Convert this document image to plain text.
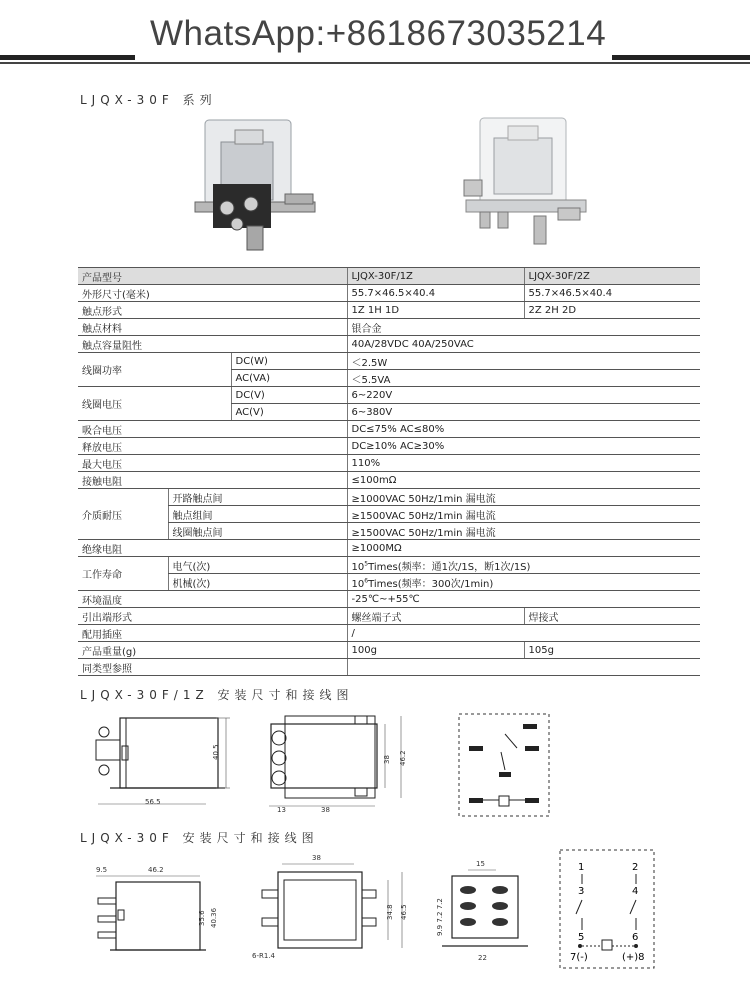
WhatsApp:+8618673035214
LJQX-30F 系列
产品型号			LJQX-30F/1Z	LJQX-30F/2Z
外形尺寸(毫米)			55.7×46.5×40.4	55.7×46.5×40.4
触点形式			1Z 1H 1D	2Z 2H 2D
触点材料			银合金	
触点容量阻性			40A/28VDC 40A/250VAC	
线圈功率		DC(W)	＜2.5W	
		AC(VA)	＜5.5VA	
线圈电压		DC(V)	6~220V	
		AC(V)	6~380V	
吸合电压			DC≤75% AC≤80%	
释放电压			DC≥10% AC≥30%	
最大电压			110%	
接触电阻			≤100mΩ	
介质耐压	开路触点间		≥1000VAC 50Hz/1min 漏电流	
	触点组间		≥1500VAC 50Hz/1min 漏电流	
	线圈触点间		≥1500VAC 50Hz/1min 漏电流	
绝缘电阻			≥1000MΩ	
工作寿命	电气(次)		$10^5Times$(频率：通1次/1S，断1次/1S)	
	机械(次)		$10^6Times$(频率：300次/1min)	
环境温度			-25℃~+55℃	
引出端形式			螺丝端子式	焊接式
配用插座			/	
产品重量(g)			100g	105g
同类型参照				
LJQX-30F/1Z 安装尺寸和接线图
40.5
56.5
38 46.2
13	38
LJQX-30F 安装尺寸和接线图
9.5	46.2
35.6 40.36
38
34.8 46.5
6-R1.4
15
9.9 7.2 7.2
22
1	2
3	4
5	6
7(-)	(+)8
